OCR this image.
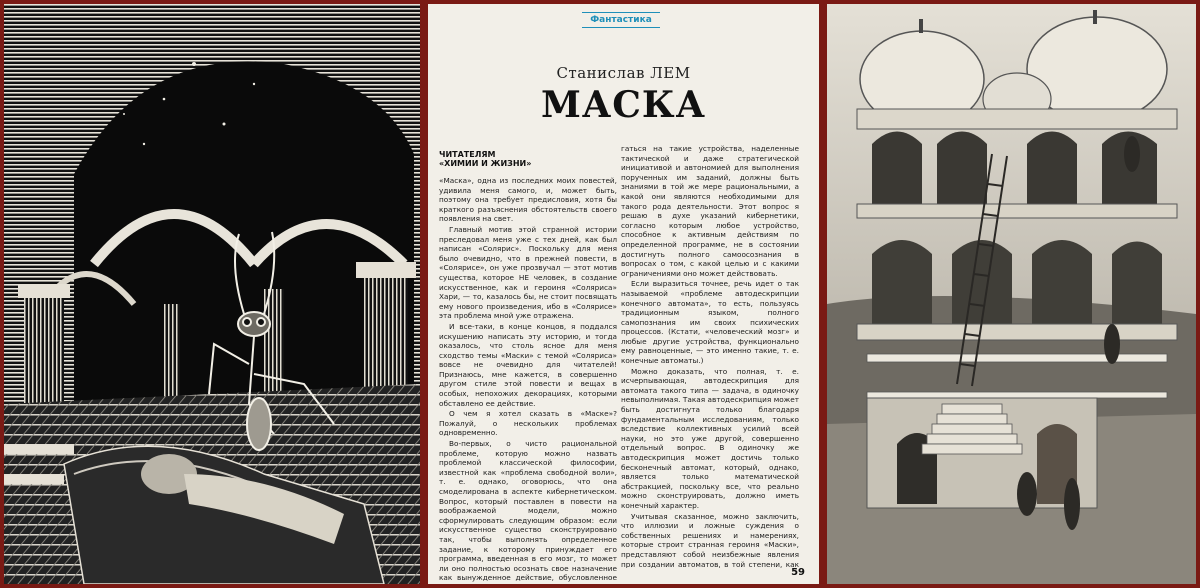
Фантастика
Станислав ЛЕМ
МАСКА
ЧИТАТЕЛЯМ
«ХИМИИ И ЖИЗНИ»

«Маска», одна из последних моих повестей, удивила меня самого, и, может быть, поэтому она требует предисловия, хотя бы краткого разъяснения обстоятельств своего появления на свет.

Главный мотив этой странной истории преследовал меня уже с тех дней, как был написан «Солярис». Поскольку для меня было очевидно, что в прежней повести, в «Солярисе», он уже прозвучал — этот мотив существа, которое НЕ человек, в создание искусственное, как и героиня «Соляриса» Хари, — то, казалось бы, не стоит посвящать ему нового произведения, ибо в «Солярисе» эта проблема мной уже отражена.

И все-таки, в конце концов, я поддался искушению написать эту историю, и тогда оказалось, что столь ясное для меня сходство темы «Маски» с темой «Соляриса» вовсе не очевидно для читателей! Признаюсь, мне кажется, в совершенно другом стиле этой повести и вещах в особых, непохожих декорациях, которыми обставлено ее действие.

О чем я хотел сказать в «Маске»? Пожалуй, о нескольких проблемах одновременно.

Во-первых, о чисто рациональной проблеме, которую можно назвать проблемой классической философии, известной как «проблема свободной воли», т. е. однако, оговорюсь, что она смоделирована в аспекте кибернетическом. Вопрос, который поставлен в повести на воображаемой модели, можно сформулировать следующим образом: если искусственное существо сконструировано так, чтобы выполнять определенное задание, к которому принуждает его программа, введенная в его мозг, то может ли оно полностью осознать свое назначение как вынужденное действие, обусловленное

гаться на такие устройства, наделенные тактической и даже стратегической инициативой и автономией для выполнения порученных им заданий, должны быть знаниями в той же мере рациональными, а какой они являются необходимыми для такого рода деятельности. Этот вопрос я решаю в духе указаний кибернетики, согласно которым любое устройство, способное к активным действиям по определенной программе, не в состоянии достигнуть полного самоосознания в вопросах о том, с какой целью и с какими ограничениями оно может действовать.

Если выразиться точнее, речь идет о так называемой «проблеме автодескрипции конечного автомата», то есть, пользуясь традиционным языком, полного самопознания им своих психических процессов. (Кстати, «человеческий мозг» и любые другие устройства, функционально ему равноценные, — это именно такие, т. е. конечные автоматы.)

Можно доказать, что полная, т. е. исчерпывающая, автодескрипция для автомата такого типа — задача, в одиночку невыполнимая. Такая автодескрипция может быть достигнута только благодаря фундаментальным исследованиям, только вследствие коллективных усилий всей науки, но это уже другой, совершенно отдельный вопрос. В одиночку же автодескрипция может достичь только бесконечный автомат, который, однако, является только математической абстракцией, поскольку все, что реально можно сконструировать, должно иметь конечный характер.

Учитывая сказанное, можно заключить, что иллюзии и ложные суждения о собственных решениях и намерениях, которые строит странная героиня «Маски», представляют собой неизбежные явления при создании автоматов, в той степени, как

59
